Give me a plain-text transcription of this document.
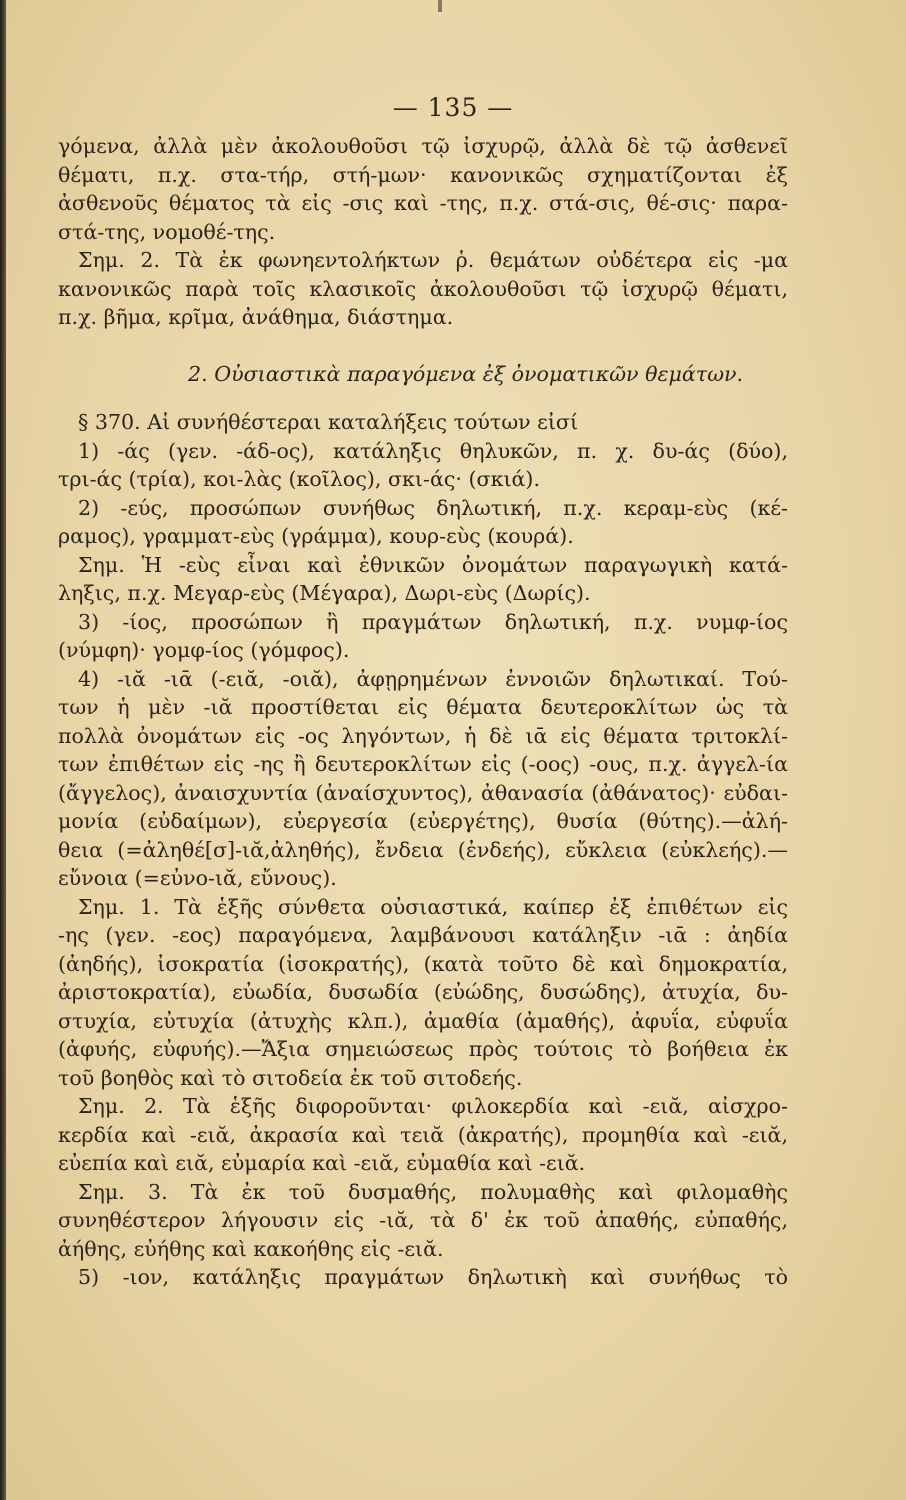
— 135 —
γόμενα, ἀλλὰ μὲν ἀκολουθοῦσι τῷ ἰσχυρῷ, ἀλλὰ δὲ τῷ ἀσθενεῖ
θέματι, π.χ. στα-τήρ, στή-μων· κανονικῶς σχηματίζονται ἐξ
ἀσθενοῦς θέματος τὰ εἰς -σις καὶ -της, π.χ. στά-σις, θέ-σις· παρα-
στά-της, νομοθέ-της.
Σημ. 2. Τὰ ἐκ φωνηεντολήκτων ῥ. θεμάτων οὐδέτερα εἰς -μα
κανονικῶς παρὰ τοῖς κλασικοῖς ἀκολουθοῦσι τῷ ἰσχυρῷ θέματι,
π.χ. βῆμα, κρῖμα, ἀνάθημα, διάστημα.
2. Οὐσιαστικὰ παραγόμενα ἐξ ὀνοματικῶν θεμάτων.
§ 370. Αἱ συνήθέστεραι καταλήξεις τούτων εἰσί
1) -άς (γεν. -άδ-ος), κατάληξις θηλυκῶν, π. χ. δυ-άς (δύο),
τρι-άς (τρία), κοι-λὰς (κοῖλος), σκι-άς· (σκιά).
2) -εύς, προσώπων συνήθως δηλωτική, π.χ. κεραμ-εὺς (κέ-
ραμος), γραμματ-εὺς (γράμμα), κουρ-εὺς (κουρά).
Σημ. Ἡ -εὺς εἶναι καὶ ἐθνικῶν ὀνομάτων παραγωγικὴ κατά-
ληξις, π.χ. Μεγαρ-εὺς (Μέγαρα), Δωρι-εὺς (Δωρίς).
3) -ίος, προσώπων ἢ πραγμάτων δηλωτική, π.χ. νυμφ-ίος
(νύμφη)· γομφ-ίος (γόμφος).
4) -ιᾰ -ιᾱ (-ειᾰ, -οιᾰ), ἀφῃρημένων ἐννοιῶν δηλωτικαί. Τού-
των ἡ μὲν -ιᾰ προστίθεται εἰς θέματα δευτεροκλίτων ὡς τὰ
πολλὰ ὀνομάτων εἰς -ος ληγόντων, ἡ δὲ ιᾱ εἰς θέματα τριτοκλί-
των ἐπιθέτων εἰς -ης ἢ δευτεροκλίτων εἰς (-οος) -ους, π.χ. ἀγγελ-ία
(ἄγγελος), ἀναισχυντία (ἀναίσχυντος), ἀθανασία (ἀθάνατος)· εὐδαι-
μονία (εὐδαίμων), εὐεργεσία (εὐεργέτης), θυσία (θύτης).—ἀλή-
θεια (=ἀληθέ[σ]-ιᾰ,ἀληθής), ἔνδεια (ἐνδεής), εὔκλεια (εὐκλεής).—
εὔνοια (=εὐνο-ιᾰ, εὔνους).
Σημ. 1. Τὰ ἑξῆς σύνθετα οὐσιαστικά, καίπερ ἐξ ἐπιθέτων εἰς
-ης (γεν. -εος) παραγόμενα, λαμβάνουσι κατάληξιν -ιᾱ : ἀηδία
(ἀηδής), ἰσοκρατία (ἰσοκρατής), (κατὰ τοῦτο δὲ καὶ δημοκρατία,
ἀριστοκρατία), εὐωδία, δυσωδία (εὐώδης, δυσώδης), ἀτυχία, δυ-
στυχία, εὐτυχία (ἀτυχὴς κλπ.), ἀμαθία (ἀμαθής), ἀφυΐα, εὐφυΐα
(ἀφυής, εὐφυής).—Ἄξια σημειώσεως πρὸς τούτοις τὸ βοήθεια ἐκ
τοῦ βοηθὸς καὶ τὸ σιτοδεία ἐκ τοῦ σιτοδεής.
Σημ. 2. Τὰ ἑξῆς διφοροῦνται· φιλοκερδία καὶ -ειᾰ, αἰσχρο-
κερδία καὶ -ειᾰ, ἀκρασία καὶ τειᾰ (ἀκρατής), προμηθία καὶ -ειᾰ,
εὐεπία καὶ ειᾰ, εὐμαρία καὶ -ειᾰ, εὐμαθία καὶ -ειᾰ.
Σημ. 3. Τὰ ἐκ τοῦ δυσμαθής, πολυμαθὴς καὶ φιλομαθὴς
συνηθέστερον λήγουσιν εἰς -ιᾰ, τὰ δ' ἐκ τοῦ ἀπαθής, εὐπαθής,
ἀήθης, εὐήθης καὶ κακοήθης εἰς -ειᾰ.
5) -ιον, κατάληξις πραγμάτων δηλωτικὴ καὶ συνήθως τὸ
